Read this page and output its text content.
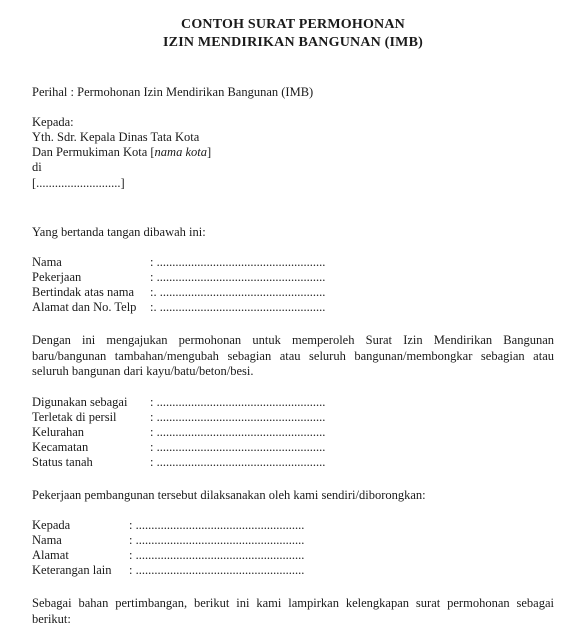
CONTOH SURAT PERMOHONAN
IZIN MENDIRIKAN BANGUNAN (IMB)
Perihal : Permohonan Izin Mendirikan Bangunan (IMB)
Kepada:
Yth. Sdr. Kepala Dinas Tata Kota
Dan Permukiman Kota [nama kota]
di
[...........................]
Yang bertanda tangan dibawah ini:
Nama	: ......................................................
Pekerjaan	: ......................................................
Bertindak atas nama :. .....................................................
Alamat dan No. Telp :. .....................................................
Dengan ini mengajukan permohonan untuk memperoleh Surat Izin Mendirikan Bangunan
baru/bangunan tambahan/mengubah sebagian atau seluruh bangunan/membongkar sebagian atau
seluruh bangunan dari kayu/batu/beton/besi.
Digunakan sebagai : ......................................................
Terletak di persil	: ......................................................
Kelurahan	: ......................................................
Kecamatan	: ......................................................
Status tanah	: ......................................................
Pekerjaan pembangunan tersebut dilaksanakan oleh kami sendiri/diborongkan:
Kepada	: ......................................................
Nama	: ......................................................
Alamat	: ......................................................
Keterangan lain : ......................................................
Sebagai bahan pertimbangan, berikut ini kami lampirkan kelengkapan surat permohonan sebagai
berikut:
